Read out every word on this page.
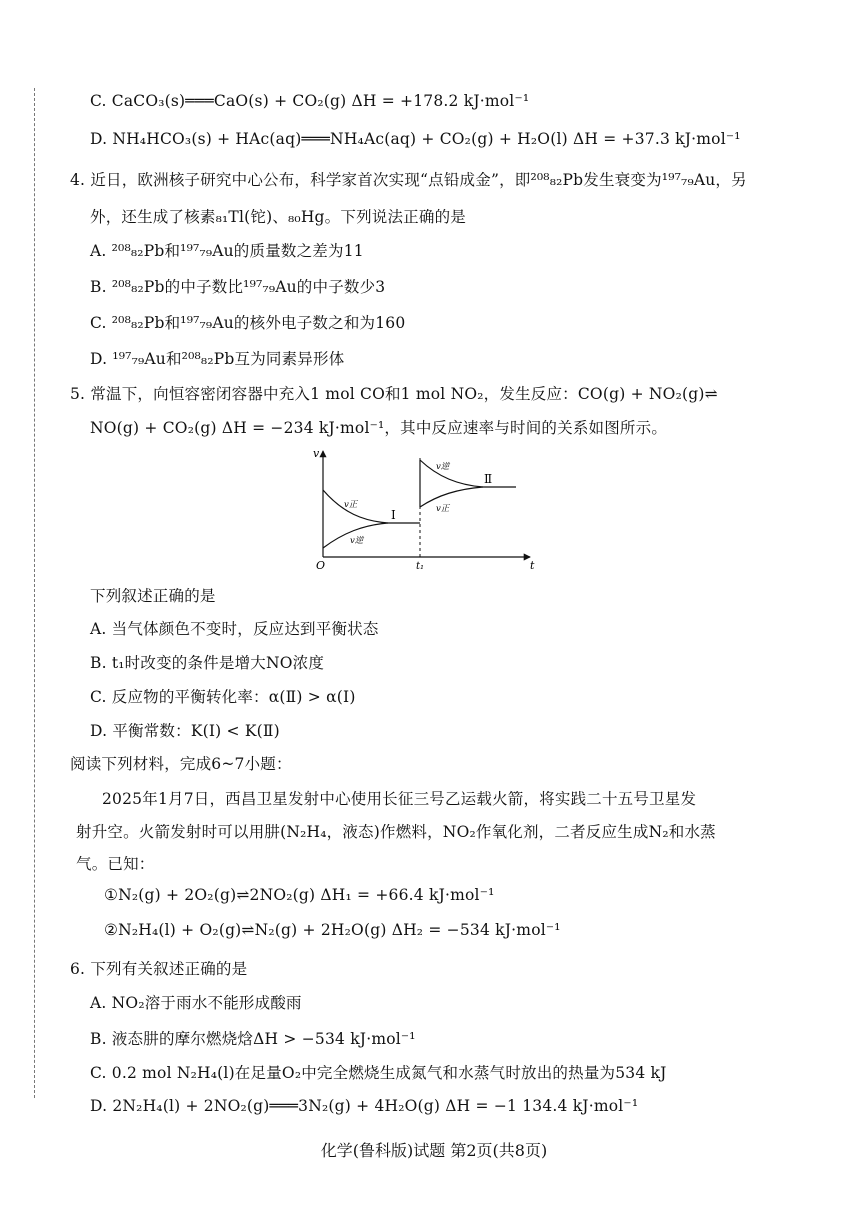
C. CaCO₃(s)═══CaO(s) + CO₂(g) ΔH = +178.2 kJ·mol⁻¹
D. NH₄HCO₃(s) + HAc(aq)═══NH₄Ac(aq) + CO₂(g) + H₂O(l) ΔH = +37.3 kJ·mol⁻¹
4. 近日，欧洲核子研究中心公布，科学家首次实现“点铅成金”，即²⁰⁸₈₂Pb发生衰变为¹⁹⁷₇₉Au，另
外，还生成了核素₈₁Tl(铊)、₈₀Hg。下列说法正确的是
A. ²⁰⁸₈₂Pb和¹⁹⁷₇₉Au的质量数之差为11
B. ²⁰⁸₈₂Pb的中子数比¹⁹⁷₇₉Au的中子数少3
C. ²⁰⁸₈₂Pb和¹⁹⁷₇₉Au的核外电子数之和为160
D. ¹⁹⁷₇₉Au和²⁰⁸₈₂Pb互为同素异形体
5. 常温下，向恒容密闭容器中充入1 mol CO和1 mol NO₂，发生反应：CO(g) + NO₂(g)⇌
NO(g) + CO₂(g) ΔH = −234 kJ·mol⁻¹，其中反应速率与时间的关系如图所示。
v
t
O	t₁
v正
v逆
v逆
v正
Ⅰ
Ⅱ
下列叙述正确的是
A. 当气体颜色不变时，反应达到平衡状态
B. t₁时改变的条件是增大NO浓度
C. 反应物的平衡转化率：α(Ⅱ) > α(Ⅰ)
D. 平衡常数：K(Ⅰ) < K(Ⅱ)
阅读下列材料，完成6~7小题：
2025年1月7日，西昌卫星发射中心使用长征三号乙运载火箭，将实践二十五号卫星发
射升空。火箭发射时可以用肼(N₂H₄，液态)作燃料，NO₂作氧化剂，二者反应生成N₂和水蒸
气。已知：
①N₂(g) + 2O₂(g)⇌2NO₂(g) ΔH₁ = +66.4 kJ·mol⁻¹
②N₂H₄(l) + O₂(g)⇌N₂(g) + 2H₂O(g) ΔH₂ = −534 kJ·mol⁻¹
6. 下列有关叙述正确的是
A. NO₂溶于雨水不能形成酸雨
B. 液态肼的摩尔燃烧焓ΔH > −534 kJ·mol⁻¹
C. 0.2 mol N₂H₄(l)在足量O₂中完全燃烧生成氮气和水蒸气时放出的热量为534 kJ
D. 2N₂H₄(l) + 2NO₂(g)═══3N₂(g) + 4H₂O(g) ΔH = −1 134.4 kJ·mol⁻¹
化学(鲁科版)试题 第2页(共8页)
